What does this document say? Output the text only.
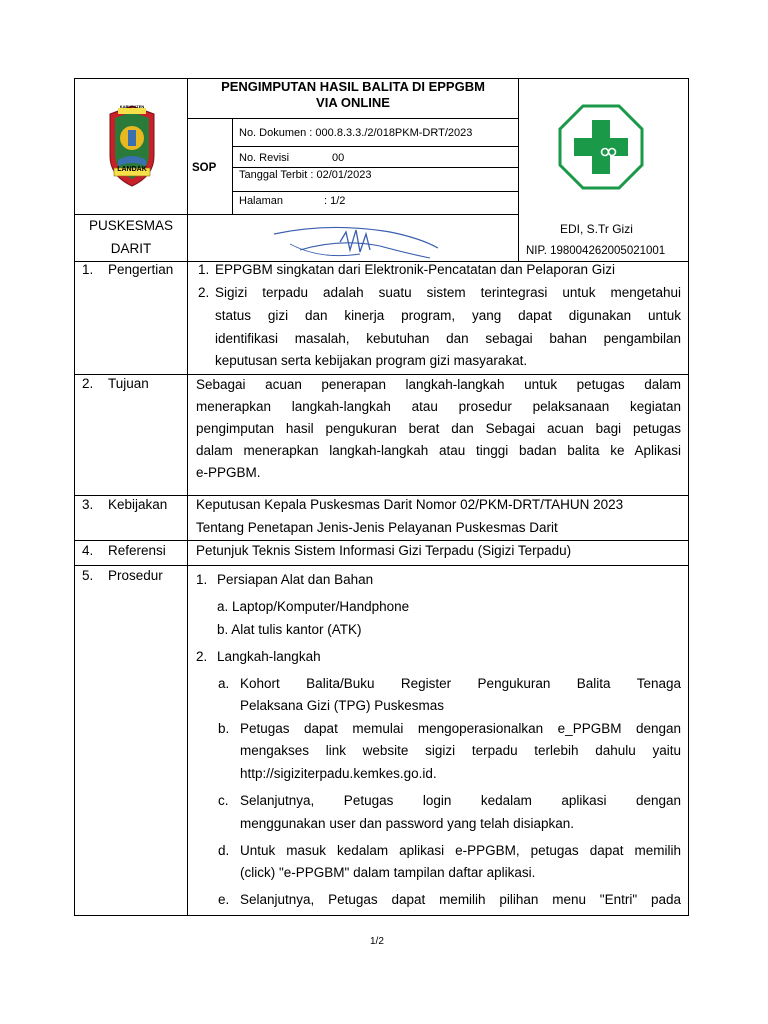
KABUPATEN
LANDAK
PENGIMPUTAN HASIL BALITA DI EPPGBM
VIA ONLINE
SOP
No. Dokumen : 000.8.3.3./2/018PKM-DRT/2023
No. Revisi	00
Tanggal Terbit : 02/01/2023
Halaman	: 1/2
PUSKESMAS
DARIT
EDI, S.Tr Gizi
NIP. 198004262005021001
1. Pengertian 1. EPPGBM singkatan dari Elektronik-Pencatatan dan Pelaporan Gizi
2. Sigizi terpadu adalah suatu sistem terintegrasi untuk mengetahui
status gizi dan kinerja program, yang dapat digunakan untuk
identifikasi masalah, kebutuhan dan sebagai bahan pengambilan
keputusan serta kebijakan program gizi masyarakat.
2. Tujuan	Sebagai acuan penerapan langkah-langkah untuk petugas dalam
menerapkan langkah-langkah atau prosedur pelaksanaan kegiatan
pengimputan hasil pengukuran berat dan Sebagai acuan bagi petugas
dalam menerapkan langkah-langkah atau tinggi badan balita ke Aplikasi
e-PPGBM.
3. Kebijakan Keputusan Kepala Puskesmas Darit Nomor 02/PKM-DRT/TAHUN 2023
Tentang Penetapan Jenis-Jenis Pelayanan Puskesmas Darit
4. Referensi Petunjuk Teknis Sistem Informasi Gizi Terpadu (Sigizi Terpadu)
5. Prosedur 1. Persiapan Alat dan Bahan
a. Laptop/Komputer/Handphone
b. Alat tulis kantor (ATK)
2. Langkah-langkah
a. Kohort Balita/Buku Register Pengukuran Balita Tenaga
Pelaksana Gizi (TPG) Puskesmas
b. Petugas dapat memulai mengoperasionalkan e_PPGBM dengan
mengakses link website sigizi terpadu terlebih dahulu yaitu
http://sigiziterpadu.kemkes.go.id.
c. Selanjutnya, Petugas login kedalam aplikasi dengan
menggunakan user dan password yang telah disiapkan.
d. Untuk masuk kedalam aplikasi e-PPGBM, petugas dapat memilih
(click) "e-PPGBM" dalam tampilan daftar aplikasi.
e. Selanjutnya, Petugas dapat memilih pilihan menu "Entri" pada
1/2
